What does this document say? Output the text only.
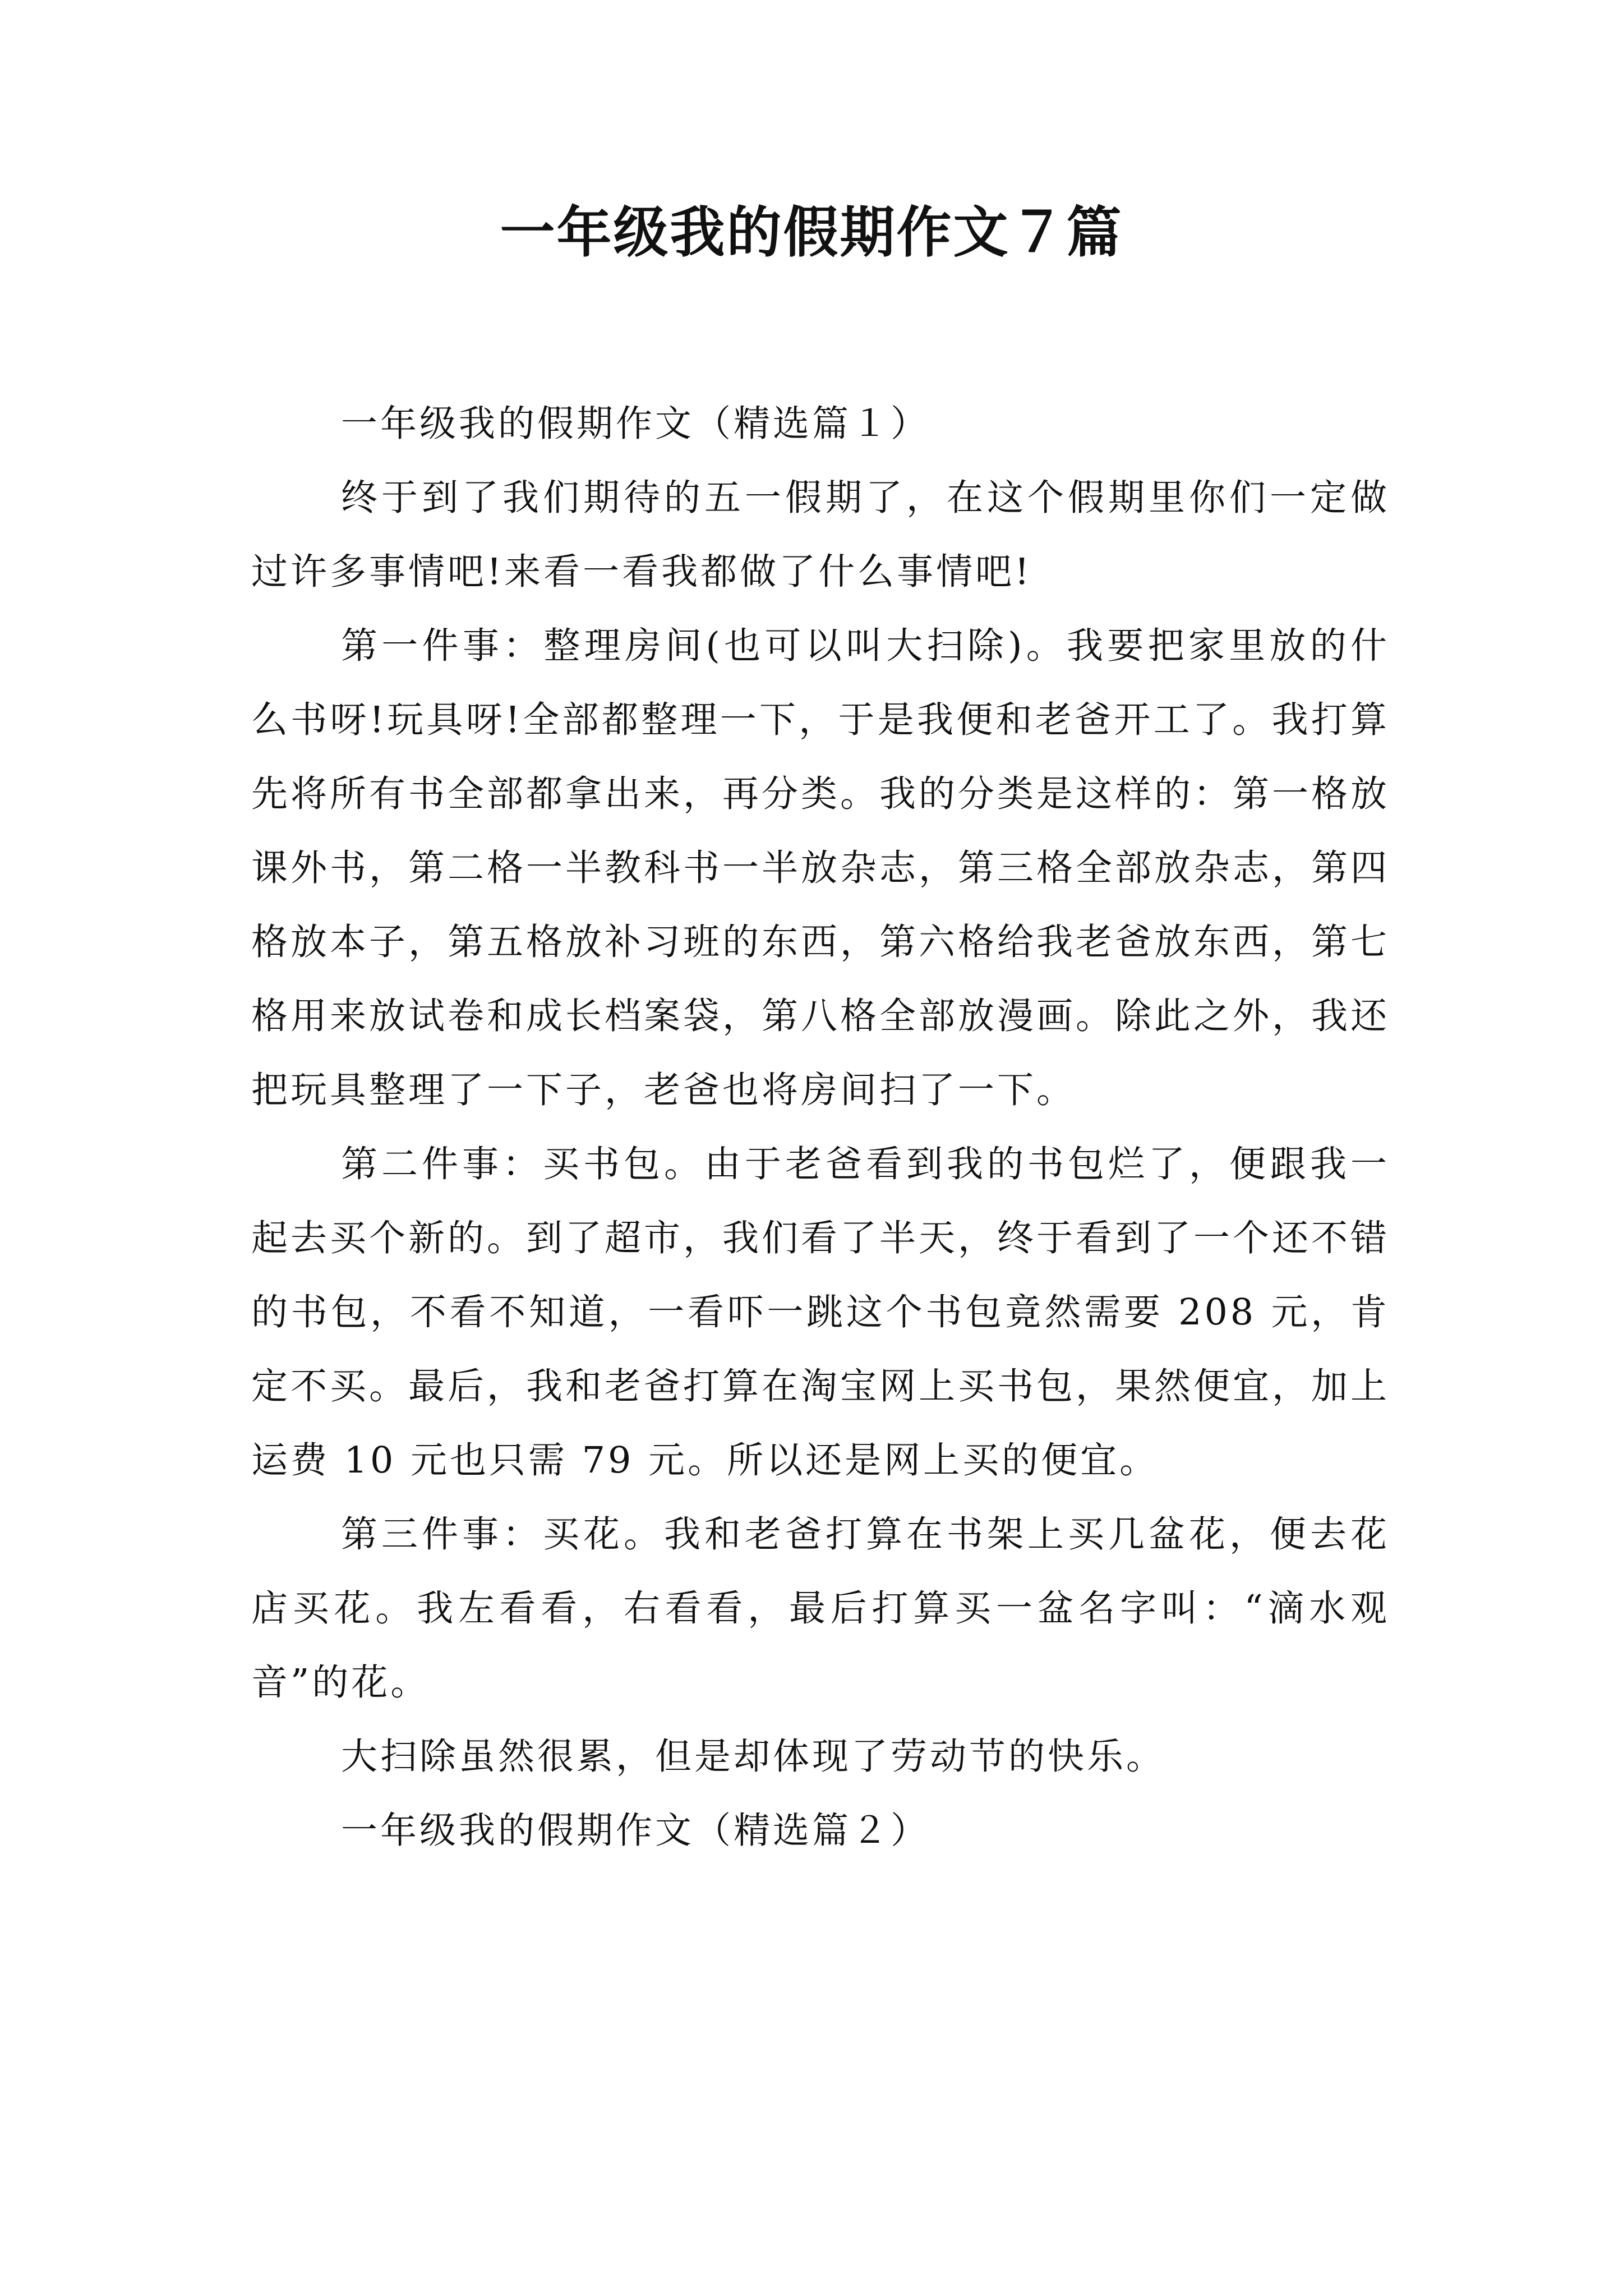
一年级我的假期作文７篇

一年级我的假期作文（精选篇１）

终于到了我们期待的五一假期了，在这个假期里你们一定做过许多事情吧!来看一看我都做了什么事情吧!

第一件事：整理房间(也可以叫大扫除)。我要把家里放的什么书呀!玩具呀!全部都整理一下，于是我便和老爸开工了。我打算先将所有书全部都拿出来，再分类。我的分类是这样的：第一格放课外书，第二格一半教科书一半放杂志，第三格全部放杂志，第四格放本子，第五格放补习班的东西，第六格给我老爸放东西，第七格用来放试卷和成长档案袋，第八格全部放漫画。除此之外，我还把玩具整理了一下子，老爸也将房间扫了一下。

第二件事：买书包。由于老爸看到我的书包烂了，便跟我一起去买个新的。到了超市，我们看了半天，终于看到了一个还不错的书包，不看不知道，一看吓一跳这个书包竟然需要 208 元，肯定不买。最后，我和老爸打算在淘宝网上买书包，果然便宜，加上运费 10 元也只需 79 元。所以还是网上买的便宜。

第三件事：买花。我和老爸打算在书架上买几盆花，便去花店买花。我左看看，右看看，最后打算买一盆名字叫：“滴水观音”的花。

大扫除虽然很累，但是却体现了劳动节的快乐。

一年级我的假期作文（精选篇２）
